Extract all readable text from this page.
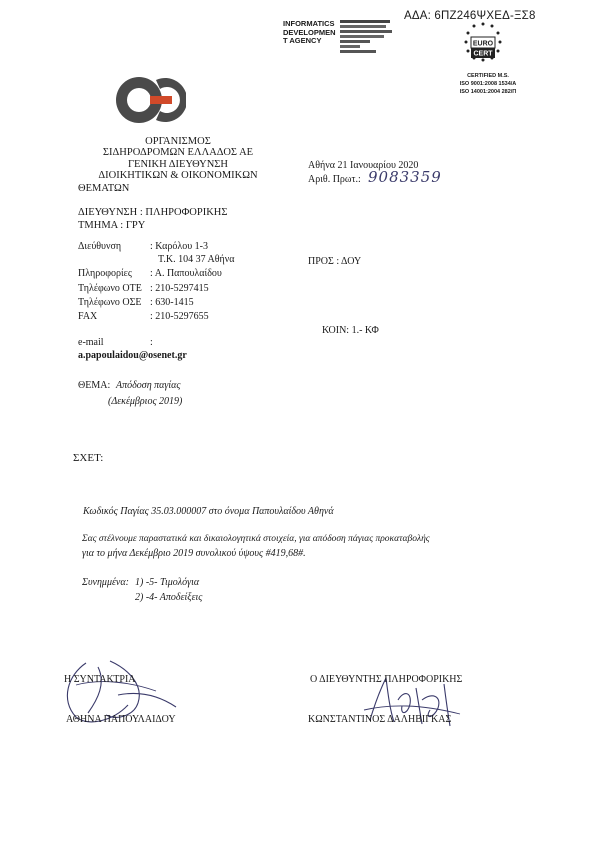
ΑΔΑ: 6ΠΖ246ΨΧΕΔ-ΞΣ8
INFORMATICS
DEVELOPMEN
T AGENCY	EURO
CERT
CERTIFIED M.S.
ISO 9001:2008 1534/Α
ISO 14001:2004 282/Π
ΟΡΓΑΝΙΣΜΟΣ
ΣΙΔΗΡΟΔΡΟΜΩΝ ΕΛΛΑΔΟΣ ΑΕ
ΓΕΝΙΚΗ ΔΙΕΥΘΥΝΣΗ
ΔΙΟΙΚΗΤΙΚΩΝ & ΟΙΚΟΝΟΜΙΚΩΝ
ΘΕΜΑΤΩΝ
ΔΙΕΥΘΥΝΣΗ : ΠΛΗΡΟΦΟΡΙΚΗΣ
ΤΜΗΜΑ : ΓΡΥ
Διεύθυνση	: Καρόλου 1-3
Τ.Κ. 104 37 Αθήνα
Πληροφορίες : Α. Παπουλαίδου
Τηλέφωνο ΟΤΕ : 210-5297415
Τηλέφωνο ΟΣΕ : 630-1415
FAX	: 210-5297655
e-mail	:
a.papoulaidou@osenet.gr
Αθήνα 21 Ιανουαρίου 2020
Αριθ. Πρωτ.: 9083359
ΠΡΟΣ : ΔΟΥ
ΚΟΙΝ: 1.- ΚΦ
ΘΕΜΑ: Απόδοση παγίας
(Δεκέμβριος 2019)
ΣΧΕΤ:
Κωδικός Παγίας 35.03.000007 στο όνομα Παπουλαίδου Αθηνά
Σας στέλνουμε παραστατικά και δικαιολογητικά στοιχεία, για απόδοση πάγιας προκαταβολής
για το μήνα Δεκέμβριο 2019 συνολικού ύψους #419,68#.
Συνημμένα: 1) -5- Τιμολόγια
2) -4- Αποδείξεις
Η ΣΥΝΤΑΚΤΡΙΑ
ΑΘΗΝΑ ΠΑΠΟΥΛΑΙΔΟΥ
Ο ΔΙΕΥΘΥΝΤΗΣ ΠΛΗΡΟΦΟΡΙΚΗΣ
ΚΩΝΣΤΑΝΤΙΝΟΣ ΔΑΛΗΒΙΓΚΑΣ
